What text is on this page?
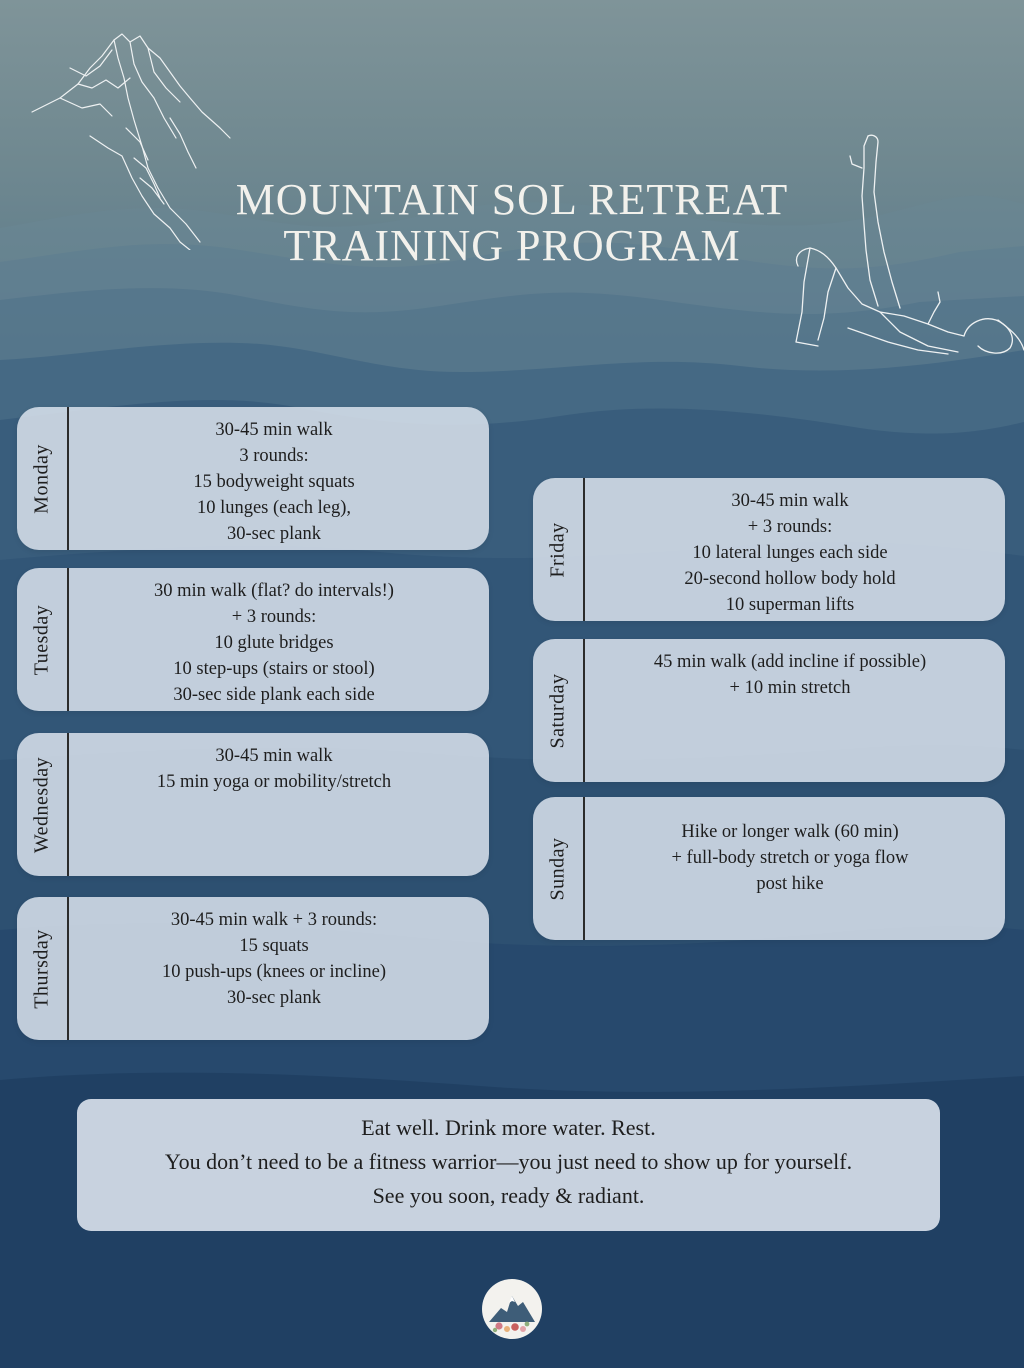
MOUNTAIN SOL RETREAT
TRAINING PROGRAM
Monday
30-45 min walk
3 rounds:
15 bodyweight squats
10 lunges (each leg),
30-sec plank
Tuesday
30 min walk (flat? do intervals!)
+ 3 rounds:
10 glute bridges
10 step-ups (stairs or stool)
30-sec side plank each side
Wednesday
30-45 min walk
15 min yoga or mobility/stretch
Thursday
30-45 min walk + 3 rounds:
15 squats
10 push-ups (knees or incline)
30-sec plank
Friday
30-45 min walk
+ 3 rounds:
10 lateral lunges each side
20-second hollow body hold
10 superman lifts
Saturday
45 min walk (add incline if possible)
+ 10 min stretch
Sunday
Hike or longer walk (60 min)
+ full-body stretch or yoga flow
post hike
Eat well. Drink more water. Rest.
You don’t need to be a fitness warrior—you just need to show up for yourself.
See you soon, ready & radiant.
